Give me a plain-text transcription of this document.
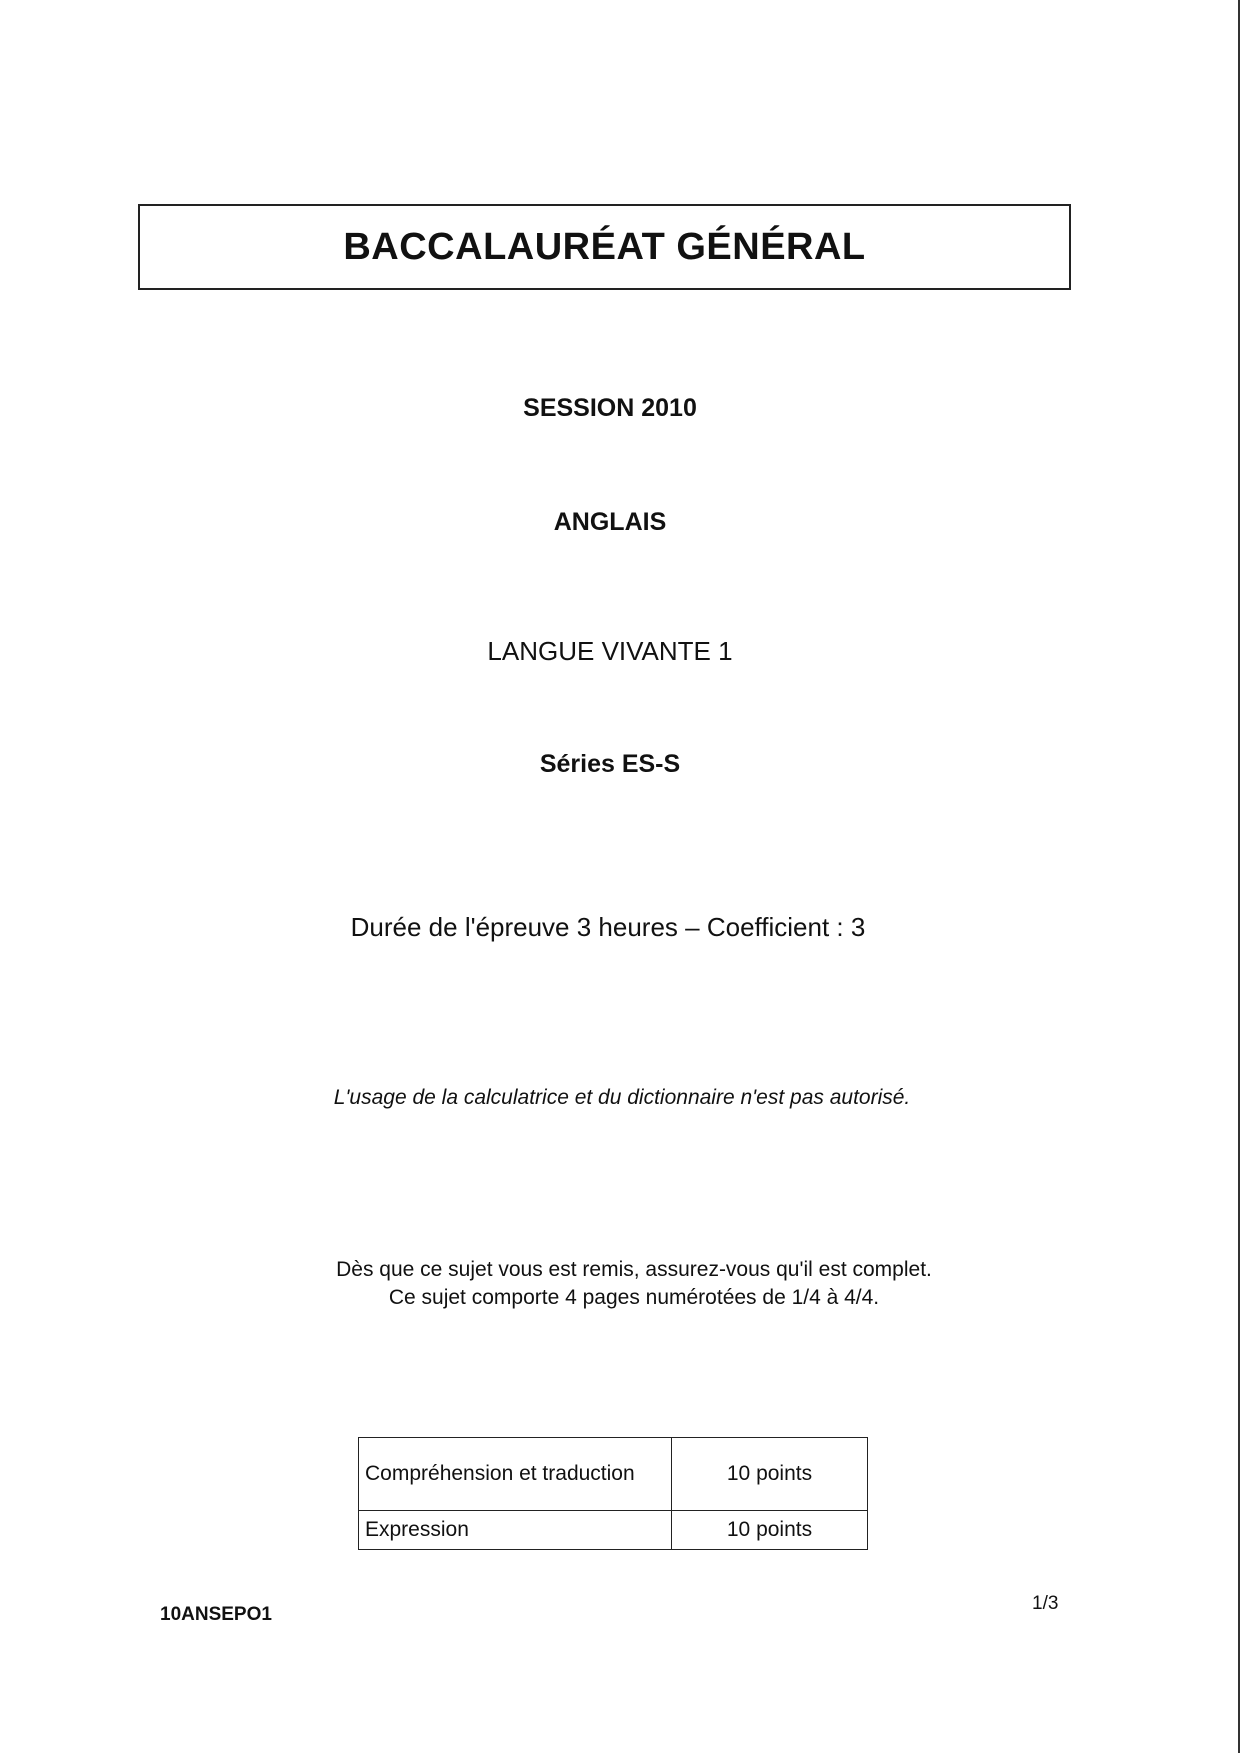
BACCALAURÉAT GÉNÉRAL
SESSION 2010
ANGLAIS
LANGUE VIVANTE 1
Séries ES-S
Durée de l'épreuve 3 heures – Coefficient : 3
L'usage de la calculatrice et du dictionnaire n'est pas autorisé.
Dès que ce sujet vous est remis, assurez-vous qu'il est complet.
Ce sujet comporte 4 pages numérotées de 1/4 à 4/4.
Compréhension et traduction	10 points
Expression	10 points
10ANSEPO1
1/3
